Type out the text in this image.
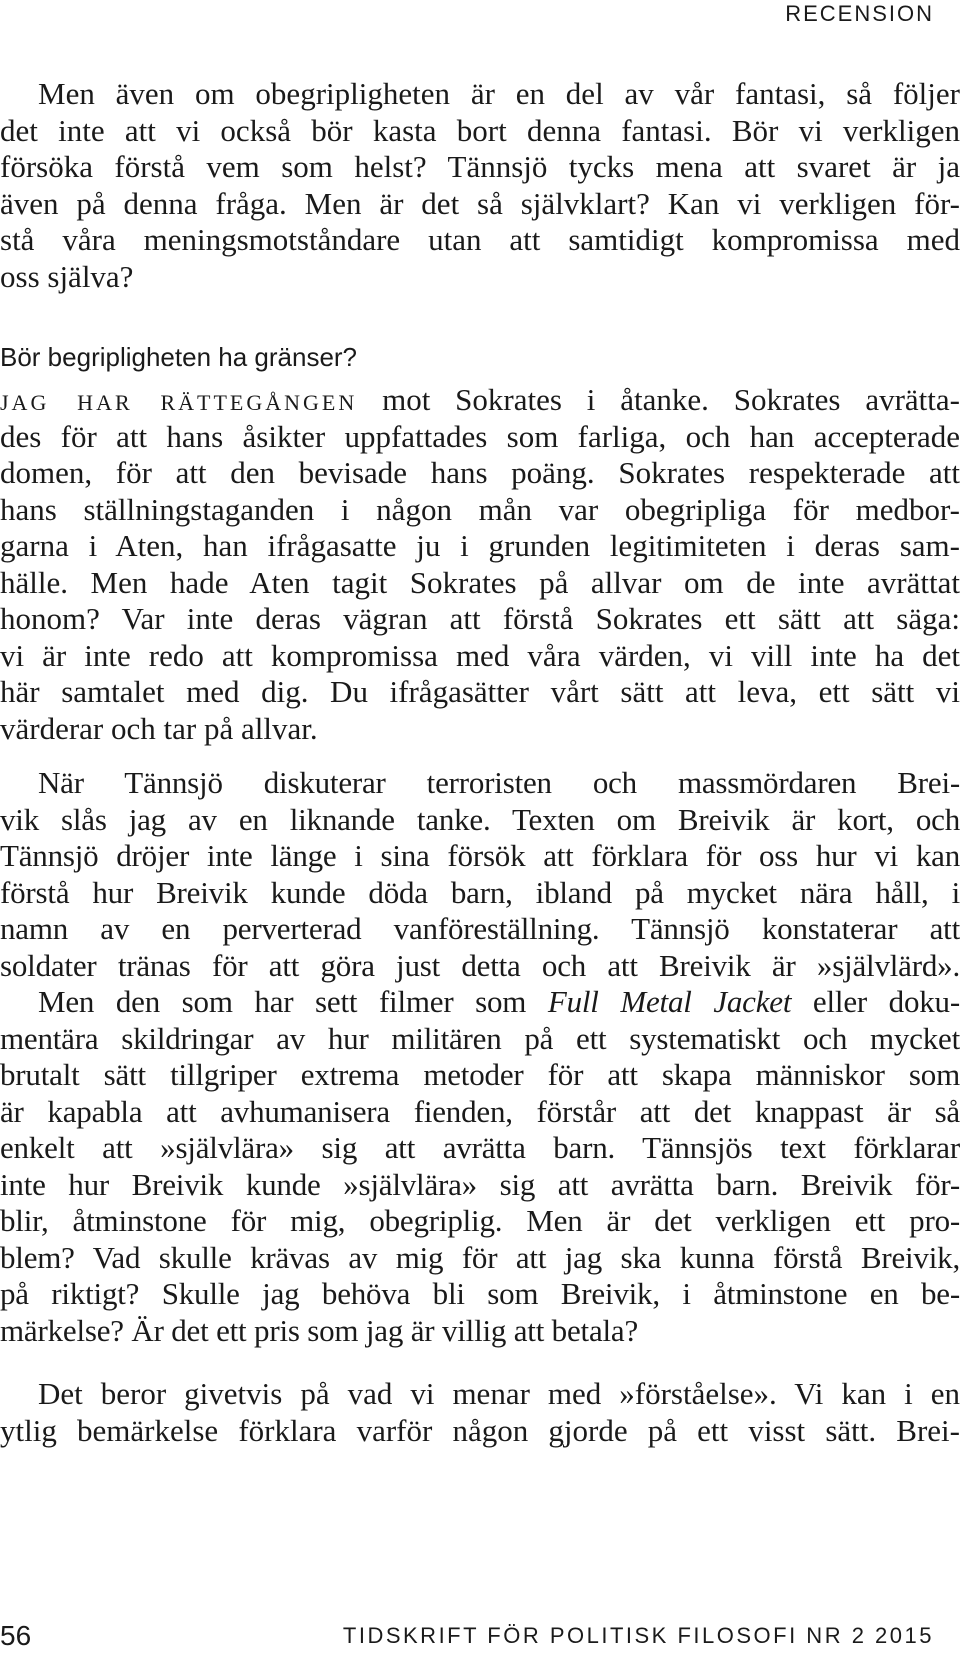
RECENSION
Men även om obegripligheten är en del av vår fantasi, så följer
det inte att vi också bör kasta bort denna fantasi. Bör vi verkligen
försöka förstå vem som helst? Tännsjö tycks mena att svaret är ja
även på denna fråga. Men är det så självklart? Kan vi verkligen för-
stå våra meningsmotståndare utan att samtidigt kompromissa med
oss själva?
Bör begripligheten ha gränser?
jag har rättegången mot Sokrates i åtanke. Sokrates avrätta-
des för att hans åsikter uppfattades som farliga, och han accepterade
domen, för att den bevisade hans poäng. Sokrates respekterade att
hans ställningstaganden i någon mån var obegripliga för medbor-
garna i Aten, han ifrågasatte ju i grunden legitimiteten i deras sam-
hälle. Men hade Aten tagit Sokrates på allvar om de inte avrättat
honom? Var inte deras vägran att förstå Sokrates ett sätt att säga:
vi är inte redo att kompromissa med våra värden, vi vill inte ha det
här samtalet med dig. Du ifrågasätter vårt sätt att leva, ett sätt vi
värderar och tar på allvar.
När Tännsjö diskuterar terroristen och massmördaren Brei-
vik slås jag av en liknande tanke. Texten om Breivik är kort, och
Tännsjö dröjer inte länge i sina försök att förklara för oss hur vi kan
förstå hur Breivik kunde döda barn, ibland på mycket nära håll, i
namn av en perverterad vanföreställning. Tännsjö konstaterar att
soldater tränas för att göra just detta och att Breivik är »självlärd».
Men den som har sett filmer som Full Metal Jacket eller doku-
mentära skildringar av hur militären på ett systematiskt och mycket
brutalt sätt tillgriper extrema metoder för att skapa människor som
är kapabla att avhumanisera fienden, förstår att det knappast är så
enkelt att »självlära» sig att avrätta barn. Tännsjös text förklarar
inte hur Breivik kunde »självlära» sig att avrätta barn. Breivik för-
blir, åtminstone för mig, obegriplig. Men är det verkligen ett pro-
blem? Vad skulle krävas av mig för att jag ska kunna förstå Breivik,
på riktigt? Skulle jag behöva bli som Breivik, i åtminstone en be-
märkelse? Är det ett pris som jag är villig att betala?
Det beror givetvis på vad vi menar med »förståelse». Vi kan i en
ytlig bemärkelse förklara varför någon gjorde på ett visst sätt. Brei-
56	TIDSKRIFT FÖR POLITISK FILOSOFI NR 2 2015
